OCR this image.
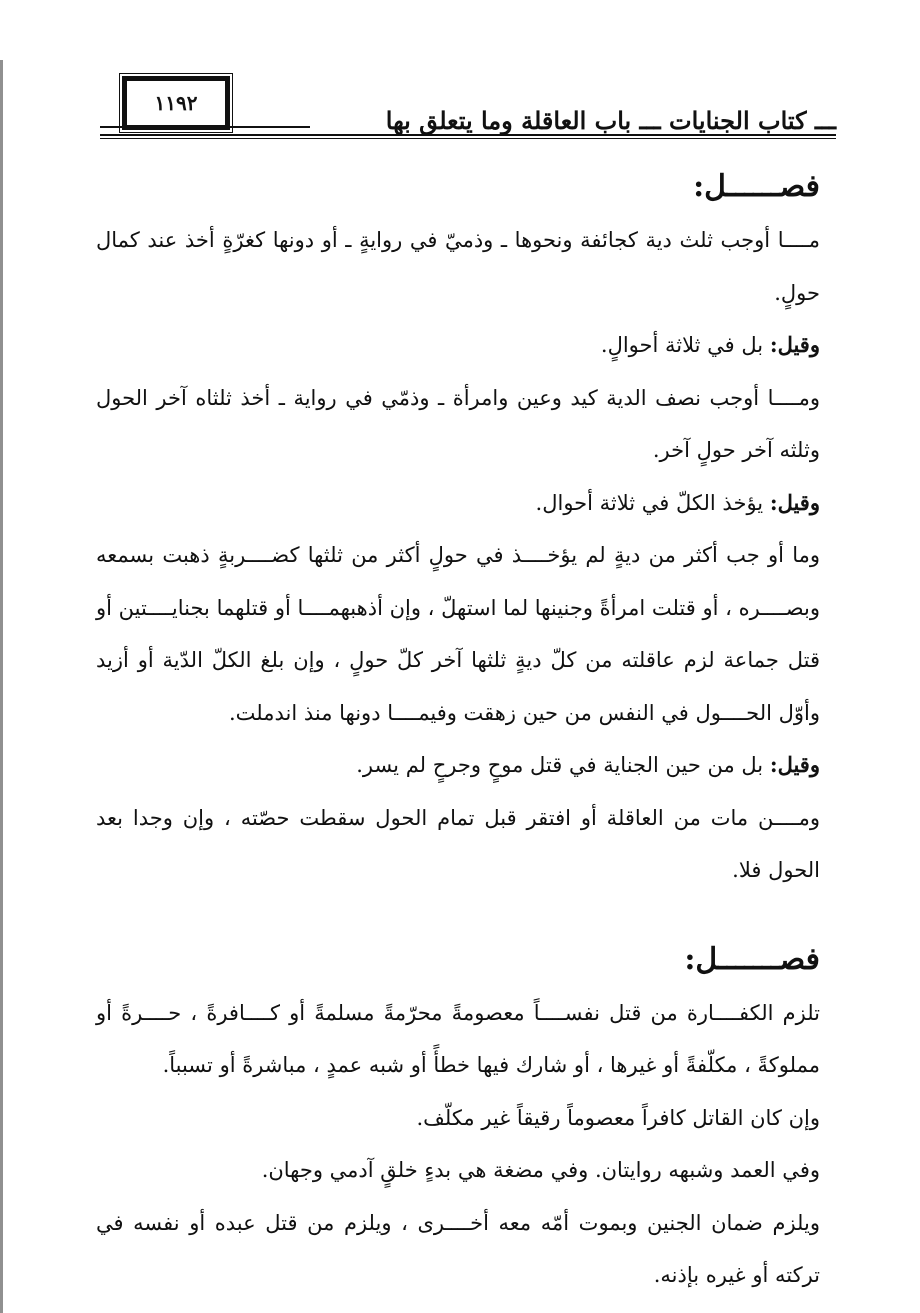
١١٩٢
ـــ كتاب الجنايات ـــ باب العاقلة وما يتعلق بها
فصــــــل:

مــــا أوجب ثلث دية كجائفة ونحوها ـ وذميّ في روايةٍ ـ أو دونها كغرّةٍ أخذ عند كمال حولٍ.

وقيل: بل في ثلاثة أحوالٍ.

ومــــا أوجب نصف الدية كيد وعين وامرأة ـ وذمّي في رواية ـ أخذ ثلثاه آخر الحول وثلثه آخر حولٍ آخر.

وقيل: يؤخذ الكلّ في ثلاثة أحوال.

وما أو جب أكثر من ديةٍ لم يؤخــــذ في حولٍ أكثر من ثلثها كضــــربةٍ ذهبت بسمعه وبصــــره ، أو قتلت امرأةً وجنينها لما استهلّ ، وإن أذهبهمــــا أو قتلهما بجنايــــتين أو قتل جماعة لزم عاقلته من كلّ ديةٍ ثلثها آخر كلّ حولٍ ، وإن بلغ الكلّ الدّية أو أزيد وأوّل الحــــول في النفس من حين زهقت وفيمــــا دونها منذ اندملت.

وقيل: بل من حين الجناية في قتل موحٍ وجرحٍ لم يسر.

ومــــن مات من العاقلة أو افتقر قبل تمام الحول سقطت حصّته ، وإن وجدا بعد الحول فلا.

فصـــــــل:

تلزم الكفــــارة من قتل نفســــاً معصومةً محرّمةً مسلمةً أو كــــافرةً ، حــــرةً أو مملوكةً ، مكلّفةً أو غيرها ، أو شارك فيها خطأً أو شبه عمدٍ ، مباشرةً أو تسبباً.

وإن كان القاتل كافراً معصوماً رقيقاً غير مكلّف.

وفي العمد وشبهه روايتان. وفي مضغة هي بدءٍ خلقٍ آدمي وجهان.

ويلزم ضمان الجنين وبموت أمّه معه أخــــرى ، ويلزم من قتل عبده أو نفسه في تركته أو غيره بإذنه.
